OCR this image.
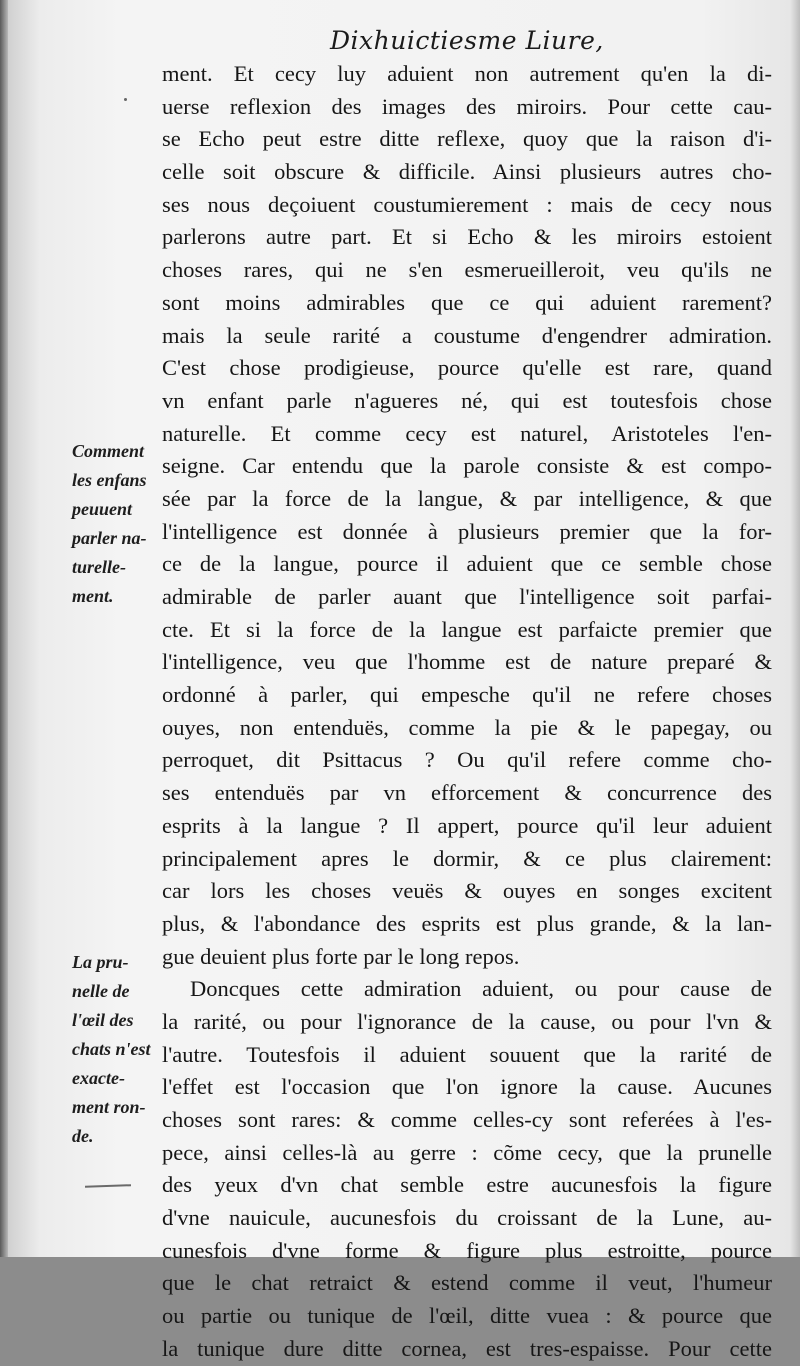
Dixhuictiesme Liure,
ment. Et cecy luy aduient non autrement qu'en la di-
uerse reflexion des images des miroirs. Pour cette cau-
se Echo peut estre ditte reflexe, quoy que la raison d'i-
celle soit obscure & difficile. Ainsi plusieurs autres cho-
ses nous deçoiuent coustumierement : mais de cecy nous
parlerons autre part. Et si Echo & les miroirs estoient
choses rares, qui ne s'en esmerueilleroit, veu qu'ils ne
sont moins admirables que ce qui aduient rarement?
mais la seule rarité a coustume d'engendrer admiration.
C'est chose prodigieuse, pource qu'elle est rare, quand
vn enfant parle n'agueres né, qui est toutesfois chose
naturelle. Et comme cecy est naturel, Aristoteles l'en-
seigne. Car entendu que la parole consiste & est compo-
sée par la force de la langue, & par intelligence, & que
l'intelligence est donnée à plusieurs premier que la for-
ce de la langue, pource il aduient que ce semble chose
admirable de parler auant que l'intelligence soit parfai-
cte. Et si la force de la langue est parfaicte premier que
l'intelligence, veu que l'homme est de nature preparé &
ordonné à parler, qui empesche qu'il ne refere choses
ouyes, non entenduës, comme la pie & le papegay, ou
perroquet, dit Psittacus ? Ou qu'il refere comme cho-
ses entenduës par vn efforcement & concurrence des
esprits à la langue ? Il appert, pource qu'il leur aduient
principalement apres le dormir, & ce plus clairement:
car lors les choses veuës & ouyes en songes excitent
plus, & l'abondance des esprits est plus grande, & la lan-
gue deuient plus forte par le long repos.
Doncques cette admiration aduient, ou pour cause de
la rarité, ou pour l'ignorance de la cause, ou pour l'vn &
l'autre. Toutesfois il aduient souuent que la rarité de
l'effet est l'occasion que l'on ignore la cause. Aucunes
choses sont rares: & comme celles-cy sont referées à l'es-
pece, ainsi celles-là au gerre : cõme cecy, que la prunelle
des yeux d'vn chat semble estre aucunesfois la figure
d'vne nauicule, aucunesfois du croissant de la Lune, au-
cunesfois d'vne forme & figure plus estroitte, pource
que le chat retraict & estend comme il veut, l'humeur
ou partie ou tunique de l'œil, ditte vuea : & pource que
la tunique dure ditte cornea, est tres-espaisse. Pour cette
Comment
les enfans
peuuent
parler na-
turelle-
ment.
La pru-
nelle de
l'œil des
chats n'est
exacte-
ment ron-
de.
